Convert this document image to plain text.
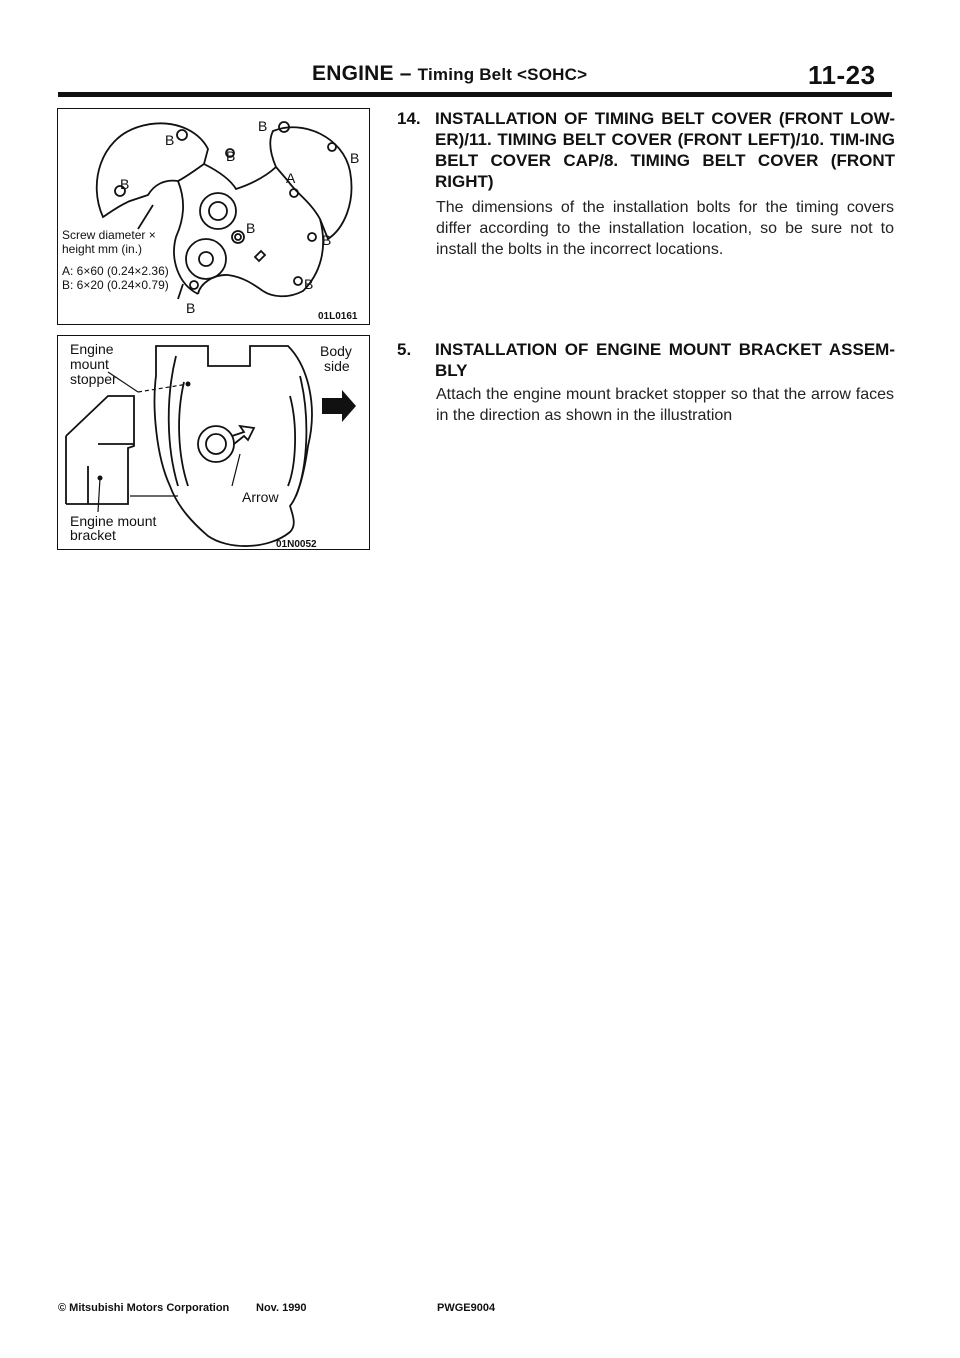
ENGINE – Timing Belt <SOHC>	11-23
B
B
B	B
B	A
B
B
B
B
Screw diameter ×
height mm (in.)
A: 6×60 (0.24×2.36)
B: 6×20 (0.24×0.79)
01L0161
Engine
mount
stopper
Body
side
Arrow
Engine mount
bracket
01N0052
14. INSTALLATION OF TIMING BELT COVER (FRONT LOW-ER)/11. TIMING BELT COVER (FRONT LEFT)/10. TIM-ING BELT COVER CAP/8. TIMING BELT COVER (FRONT RIGHT)
The dimensions of the installation bolts for the timing covers differ according to the installation location, so be sure not to install the bolts in the incorrect locations.
5. INSTALLATION OF ENGINE MOUNT BRACKET ASSEM-BLY
Attach the engine mount bracket stopper so that the arrow faces in the direction as shown in the illustration
© Mitsubishi Motors Corporation Nov. 1990	PWGE9004
